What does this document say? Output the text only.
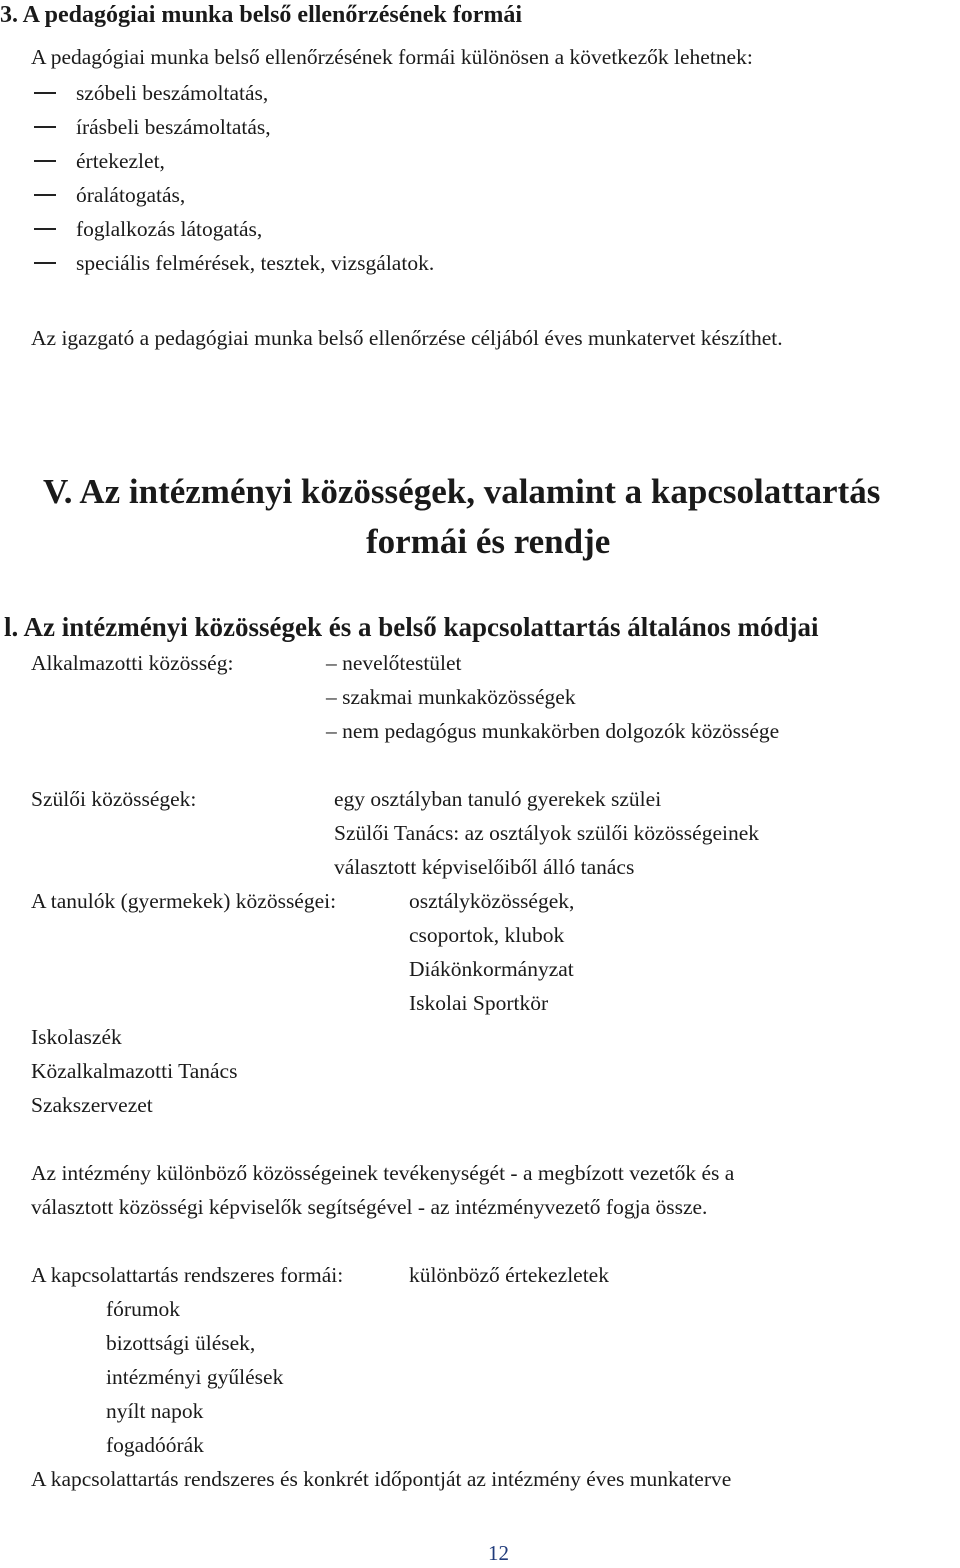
3. A pedagógiai munka belső ellenőrzésének formái
A pedagógiai munka belső ellenőrzésének formái különösen a következők lehetnek:
szóbeli beszámoltatás,
írásbeli beszámoltatás,
értekezlet,
óralátogatás,
foglalkozás látogatás,
speciális felmérések, tesztek, vizsgálatok.
Az igazgató a pedagógiai munka belső ellenőrzése céljából éves munkatervet készíthet.
V. Az intézményi közösségek, valamint a kapcsolattartás
formái és rendje
l. Az intézményi közösségek és a belső kapcsolattartás általános módjai
Alkalmazotti közösség:	– nevelőtestület
– szakmai munkaközösségek
– nem pedagógus munkakörben dolgozók közössége
Szülői közösségek:	egy osztályban tanuló gyerekek szülei
Szülői Tanács: az osztályok szülői közösségeinek
választott képviselőiből álló tanács
A tanulók (gyermekek) közösségei:	osztályközösségek,
csoportok, klubok
Diákönkormányzat
Iskolai Sportkör
Iskolaszék
Közalkalmazotti Tanács
Szakszervezet
Az intézmény különböző közösségeinek tevékenységét - a megbízott vezetők és a
választott közösségi képviselők segítségével - az intézményvezető fogja össze.
A kapcsolattartás rendszeres formái:	különböző értekezletek
fórumok
bizottsági ülések,
intézményi gyűlések
nyílt napok
fogadóórák
A kapcsolattartás rendszeres és konkrét időpontját az intézmény éves munkaterve
12
